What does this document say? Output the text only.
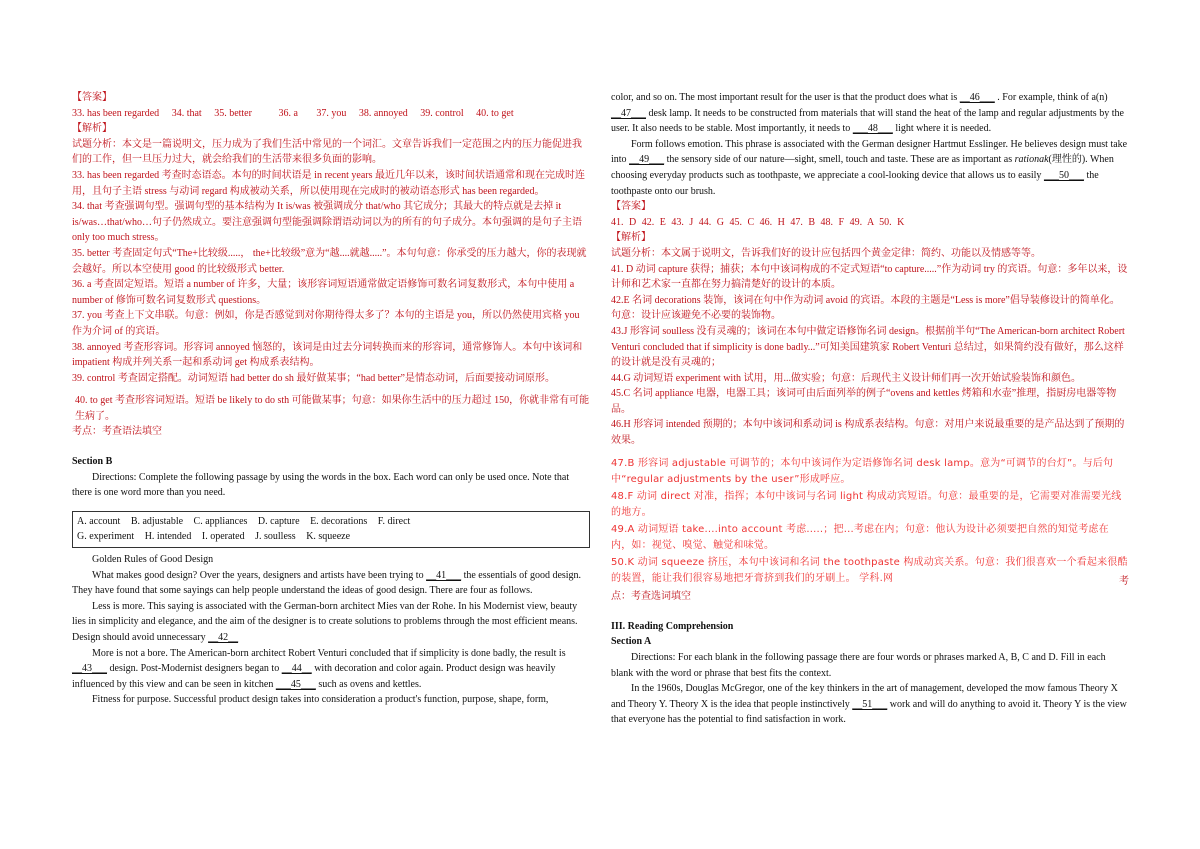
【答案】

33. has been regarded 34. that 35. better	36. a 37. you 38. annoyed 39. control 40. to get

【解析】

试题分析：本文是一篇说明文，压力成为了我们生活中常见的一个词汇。文章告诉我们一定范围之内的压力能促进我们的工作，但一旦压力过大，就会给我们的生活带来很多负面的影响。

33. has been regarded 考查时态语态。本句的时间状语是 in recent years 最近几年以来，该时间状语通常和现在完成时连用，且句子主语 stress 与动词 regard 构成被动关系，所以使用现在完成时的被动语态形式 has been regarded。

34. that 考查强调句型。强调句型的基本结构为 It is/was 被强调成分 that/who 其它成分；其最大的特点就是去掉 it is/was…that/who…句子仍然成立。要注意强调句型能强调除谓语动词以为的所有的句子成分。本句强调的是句子主语 only too much stress。

35. better 考查固定句式“The+比较级.....， the+比较级”意为“越....就越.....”。本句句意：你承受的压力越大，你的表现就会越好。所以本空使用 good 的比较级形式 better.

36. a 考查固定短语。短语 a number of 许多，大量；该形容词短语通常做定语修饰可数名词复数形式，本句中使用 a number of 修饰可数名词复数形式 questions。

37. you 考查上下文串联。句意：例如，你是否感觉到对你期待得太多了？本句的主语是 you，所以仍然使用宾格 you 作为介词 of 的宾语。

38. annoyed 考查形容词。形容词 annoyed 恼怒的，该词是由过去分词转换而来的形容词，通常修饰人。本句中该词和 impatient 构成并列关系一起和系动词 get 构成系表结构。

39. control 考查固定搭配。动词短语 had better do sh 最好做某事；“had better”是情态动词，后面要接动词原形。

40. to get 考查形容词短语。短语 be likely to do sth 可能做某事；句意：如果你生活中的压力超过 150，你就非常有可能生病了。

考点：考查语法填空

Section B

Directions: Complete the following passage by using the words in the box. Each word can only be used once. Note that there is one word more than you need.

A. account B. adjustable C. appliances D. capture E. decorations F. direct
G. experiment H. intended I. operated J. soulless K. squeeze

Golden Rules of Good Design

What makes good design? Over the years, designers and artists have been trying to __41___ the essentials of good design. They have found that some sayings can help people understand the ideas of good design. There are four as follows.

Less is more. This saying is associated with the German-born architect Mies van der Rohe. In his Modernist view, beauty lies in simplicity and elegance, and the aim of the designer is to create solutions to problems through the most efficient means. Design should avoid unnecessary __42__

More is not a bore. The American-born architect Robert Venturi concluded that if simplicity is done badly, the result is __43___ design. Post-Modernist designers began to __44__ with decoration and color again. Product design was heavily influenced by this view and can be seen in kitchen ___45___ such as ovens and kettles.

Fitness for purpose. Successful product design takes into consideration a product's function, purpose, shape, form,

color, and so on. The most important result for the user is that the product does what is __46___ . For example, think of a(n) __47___ desk lamp. It needs to be constructed from materials that will stand the heat of the lamp and regular adjustments by the user. It also needs to be stable. Most importantly, it needs to ___48___ light where it is needed.

Form follows emotion. This phrase is associated with the German designer Hartmut Esslinger. He believes design must take into __49___ the sensory side of our nature—sight, smell, touch and taste. These are as important as rationak(理性的). When choosing everyday products such as toothpaste, we appreciate a cool-looking device that allows us to easily ___50___ the toothpaste onto our brush.

【答案】

41. D 42. E 43. J 44. G 45. C 46. H 47. B 48. F 49. A 50. K

【解析】

试题分析：本文属于说明文，告诉我们好的设计应包括四个黄金定律：简约、功能以及情感等等。

41. D 动词 capture 获得；捕获；本句中该词构成的不定式短语“to capture.....”作为动词 try 的宾语。句意：多年以来，设计师和艺术家一直都在努力搞清楚好的设计的本质。

42.E 名词 decorations 装饰，该词在句中作为动词 avoid 的宾语。本段的主题是“Less is more”倡导装修设计的简单化。句意：设计应该避免不必要的装饰物。

43.J 形容词 soulless 没有灵魂的；该词在本句中做定语修饰名词 design。根据前半句“The American-born architect Robert Venturi concluded that if simplicity is done badly...”可知美国建筑家 Robert Venturi 总结过，如果简约没有做好，那么这样的设计就是没有灵魂的；

44.G 动词短语 experiment with 试用，用...做实验；句意：后现代主义设计师们再一次开始试验装饰和颜色。

45.C 名词 appliance 电器，电器工具；该词可由后面列举的例子“ovens and kettles 烤箱和水壶”推理，指厨房电器等物品。

46.H 形容词 intended 预期的；本句中该词和系动词 is 构成系表结构。句意：对用户来说最重要的是产品达到了预期的效果。

47.B 形容词 adjustable 可调节的；本句中该词作为定语修饰名词 desk lamp。意为“可调节的台灯”。与后句中“regular adjustments by the user”形成呼应。

48.F 动词 direct 对准，指挥；本句中该词与名词 light 构成动宾短语。句意：最重要的是，它需要对准需要光线的地方。

49.A 动词短语 take....into account 考虑.....；把...考虑在内；句意：他认为设计必须要把自然的知觉考虑在内，如：视觉、嗅觉、触觉和味觉。

50.K 动词 squeeze 挤压，本句中该词和名词 the toothpaste 构成动宾关系。句意：我们很喜欢一个看起来很酷的装置，能让我们很容易地把牙膏挤到我们的牙刷上。 学科.网	考

点：考查选词填空

III. Reading Comprehension

Section A

Directions: For each blank in the following passage there are four words or phrases marked A, B, C and D. Fill in each blank with the word or phrase that best fits the context.

In the 1960s, Douglas McGregor, one of the key thinkers in the art of management, developed the mow famous Theory X and Theory Y. Theory X is the idea that people instinctively __51___ work and will do anything to avoid it. Theory Y is the view that everyone has the potential to find satisfaction in work.
